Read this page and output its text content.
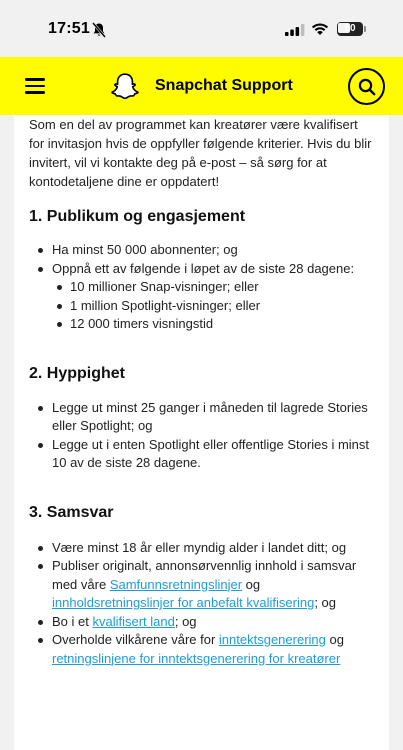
17:51	50
Snapchat Support

Som en del av programmet kan kreatører være kvalifisert for invitasjon hvis de oppfyller følgende kriterier. Hvis du blir invitert, vil vi kontakte deg på e-post – så sørg for at kontodetaljene dine er oppdatert!

1. Publikum og engasjement
Ha minst 50 000 abonnenter; og
Oppnå ett av følgende i løpet av de siste 28 dagene:
10 millioner Snap-visninger; eller
1 million Spotlight-visninger; eller
12 000 timers visningstid
2. Hyppighet
Legge ut minst 25 ganger i måneden til lagrede Stories eller Spotlight; og
Legge ut i enten Spotlight eller offentlige Stories i minst 10 av de siste 28 dagene.
3. Samsvar
Være minst 18 år eller myndig alder i landet ditt; og
Publiser originalt, annonsørvennlig innhold i samsvar med våre Samfunnsretningslinjer og innholdsretningslinjer for anbefalt kvalifisering; og
Bo i et kvalifisert land; og
Overholde vilkårene våre for inntektsgenerering og retningslinjene for inntektsgenerering for kreatører
